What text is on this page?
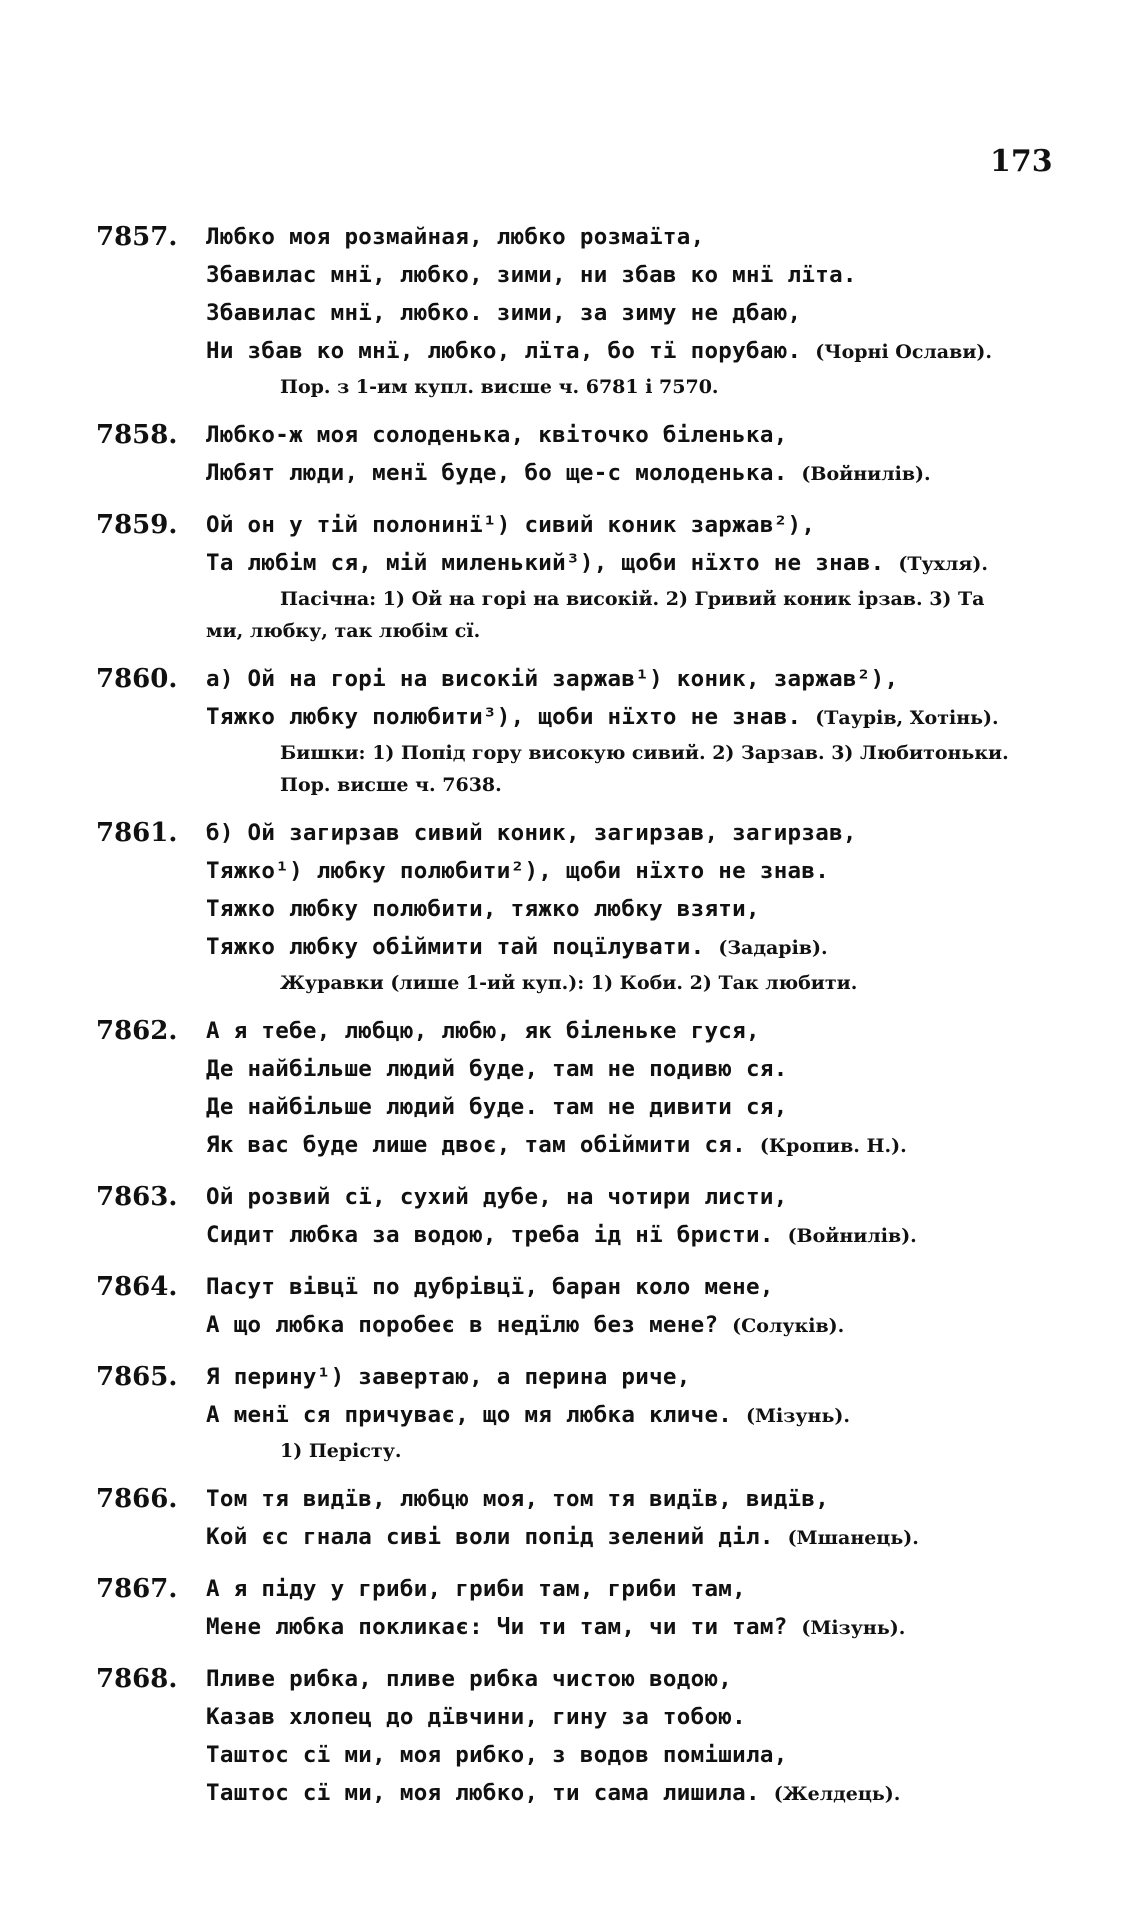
173
7857. Любко моя розмайная, любко розмаїта,
Збавилас мнї, любко, зими, ни збав ко мнї лїта.
Збавилас мнї, любко. зими, за зиму не дбаю,
Ни збав ко мнї, любко, лїта, бо тї порубаю. (Чорні Ослави).
Пор. з 1-им купл. висше ч. 6781 і 7570.
7858. Любко-ж моя солоденька, квіточко біленька,
Любят люди, менї буде, бо ще-с молоденька. (Войнилів).
7859. Ой он у тій полонинї¹) сивий коник заржав²),
Та любім ся, мій миленький³), щоби нїхто не знав. (Тухля).
Пасічна: 1) Ой на горі на високій. 2) Гривий коник ірзав. 3) Та
ми, любку, так любім сї.
7860. а) Ой на горі на високій заржав¹) коник, заржав²),
Тяжко любку полюбити³), щоби нїхто не знав. (Таурів, Хотінь).
Бишки: 1) Попід гору високую сивий. 2) Зарзав. 3) Любитоньки.
Пор. висше ч. 7638.
7861. б) Ой загирзав сивий коник, загирзав, загирзав,
Тяжко¹) любку полюбити²), щоби нїхто не знав.
Тяжко любку полюбити, тяжко любку взяти,
Тяжко любку обіймити тай поцїлувати. (Задарів).
Журавки (лише 1-ий куп.): 1) Коби. 2) Так любити.
7862. А я тебе, любцю, любю, як біленьке гуся,
Де найбільше людий буде, там не подивю ся.
Де найбільше людий буде. там не дивити ся,
Як вас буде лише двоє, там обіймити ся. (Кропив. Н.).
7863. Ой розвий сї, сухий дубе, на чотири листи,
Сидит любка за водою, треба ід нї бристи. (Войнилів).
7864. Пасут вівцї по дубрівцї, баран коло мене,
А що любка поробеє в недїлю без мене? (Солуків).
7865. Я перину¹) завертаю, а перина риче,
А менї ся причуває, що мя любка кличе. (Мізунь).
1) Перісту.
7866. Том тя видїв, любцю моя, том тя видїв, видїв,
Кой єс гнала сиві воли попід зелений діл. (Мшанець).
7867. А я піду у гриби, гриби там, гриби там,
Мене любка покликає: Чи ти там, чи ти там? (Мізунь).
7868. Пливе рибка, пливе рибка чистою водою,
Казав хлопец до дївчини, гину за тобою.
Таштос сї ми, моя рибко, з водов помішила,
Таштос сї ми, моя любко, ти сама лишила. (Желдець).
